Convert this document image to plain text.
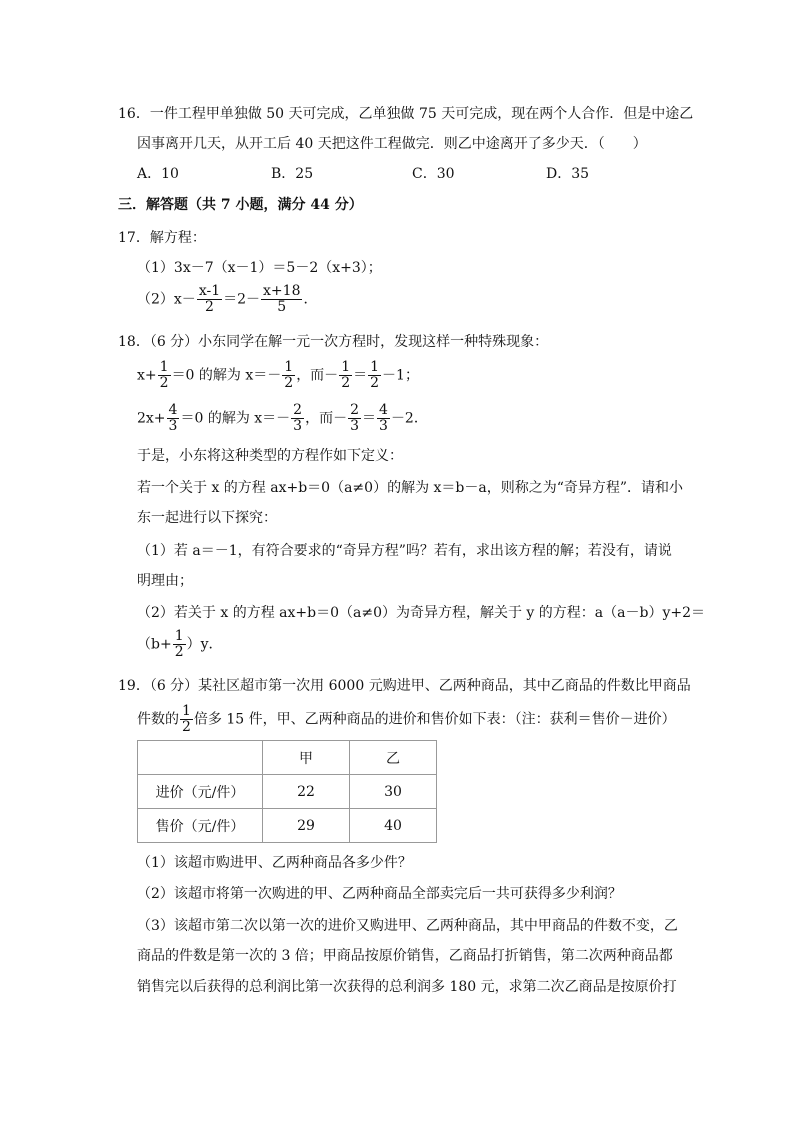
16．一件工程甲单独做 50 天可完成，乙单独做 75 天可完成，现在两个人合作．但是中途乙
因事离开几天，从开工后 40 天把这件工程做完．则乙中途离开了多少天．（　　）
A．10	B．25	C．30	D．35
三．解答题（共 7 小题，满分 44 分）
17．解方程：
（1）3x－7（x－1）＝5－2（x+3）；
$(2)x- \frac{x-1}{2} =2- \frac{x+18}{5}$ ．
18．（6 分）小东同学在解一元一次方程时，发现这样一种特殊现象：
$x+ \frac{1}{2} =0$ 的解为 $x=- \frac{1}{2}$ ，而－ $\frac{1}{2} = \frac{1}{2} -1$；
$2x+ \frac{4}{3} =0$ 的解为 $x=- \frac{2}{3}$ ，而－ $\frac{2}{3} = \frac{4}{3} -2$．
于是，小东将这种类型的方程作如下定义：
若一个关于 x 的方程 ax+b＝0（a≠0）的解为 x＝b－a，则称之为“奇异方程”．请和小
东一起进行以下探究：
（1）若 a＝－1，有符合要求的“奇异方程”吗？若有，求出该方程的解；若没有，请说
明理由；
（2）若关于 x 的方程 ax+b＝0（a≠0）为奇异方程，解关于 y 的方程：a（a－b）y+2＝
$(b+ \frac{1}{2} )y$．
19．（6 分）某社区超市第一次用 6000 元购进甲、乙两种商品，其中乙商品的件数比甲商品
件数的 $\frac{1}{2}$ 倍多 15 件，甲、乙两种商品的进价和售价如下表：（注：获利＝售价－进价）
	甲	乙
进价（元/件）	22	30
售价（元/件）	29	40
（1）该超市购进甲、乙两种商品各多少件？
（2）该超市将第一次购进的甲、乙两种商品全部卖完后一共可获得多少利润？
（3）该超市第二次以第一次的进价又购进甲、乙两种商品，其中甲商品的件数不变，乙
商品的件数是第一次的 3 倍；甲商品按原价销售，乙商品打折销售，第二次两种商品都
销售完以后获得的总利润比第一次获得的总利润多 180 元，求第二次乙商品是按原价打
